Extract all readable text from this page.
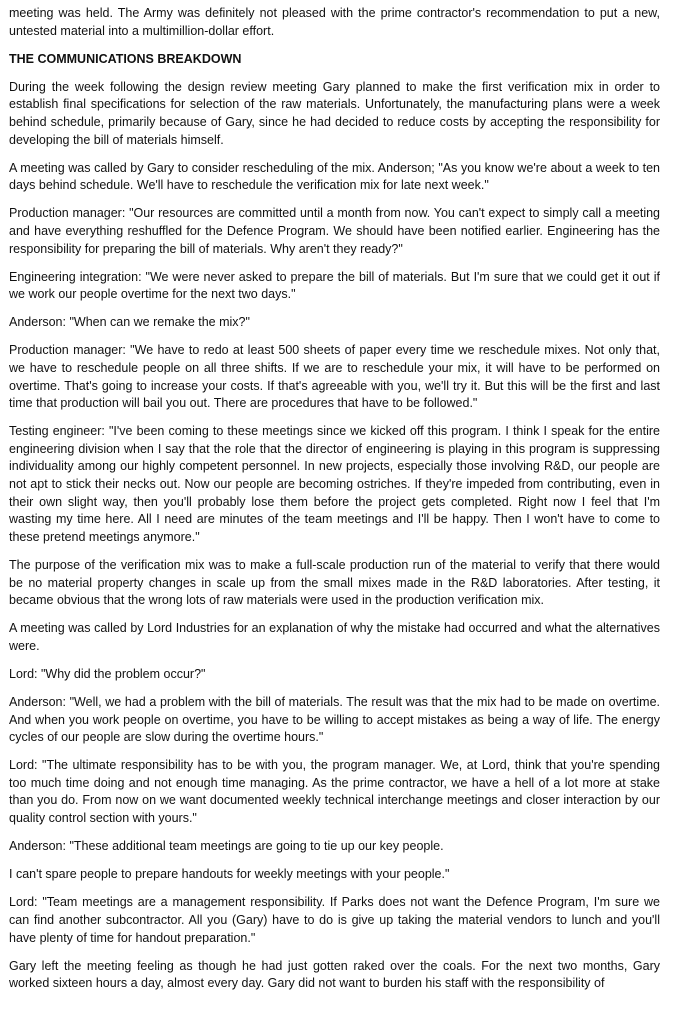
meeting was held. The Army was definitely not pleased with the prime contractor's recommendation to put a new, untested material into a multimillion-dollar effort.

THE COMMUNICATIONS BREAKDOWN

During the week following the design review meeting Gary planned to make the first verification mix in order to establish final specifications for selection of the raw materials. Unfortunately, the manufacturing plans were a week behind schedule, primarily because of Gary, since he had decided to reduce costs by accepting the responsibility for developing the bill of materials himself.

A meeting was called by Gary to consider rescheduling of the mix. Anderson; "As you know we're about a week to ten days behind schedule. We'll have to reschedule the verification mix for late next week."

Production manager: "Our resources are committed until a month from now. You can't expect to simply call a meeting and have everything reshuffled for the Defence Program. We should have been notified earlier. Engineering has the responsibility for preparing the bill of materials. Why aren't they ready?"

Engineering integration: "We were never asked to prepare the bill of materials. But I'm sure that we could get it out if we work our people overtime for the next two days."

Anderson: "When can we remake the mix?"

Production manager: "We have to redo at least 500 sheets of paper every time we reschedule mixes. Not only that, we have to reschedule people on all three shifts. If we are to reschedule your mix, it will have to be performed on overtime. That's going to increase your costs. If that's agreeable with you, we'll try it. But this will be the first and last time that production will bail you out. There are procedures that have to be followed."

Testing engineer: "I've been coming to these meetings since we kicked off this program. I think I speak for the entire engineering division when I say that the role that the director of engineering is playing in this program is suppressing individuality among our highly competent personnel. In new projects, especially those involving R&D, our people are not apt to stick their necks out. Now our people are becoming ostriches. If they're impeded from contributing, even in their own slight way, then you'll probably lose them before the project gets completed. Right now I feel that I'm wasting my time here. All I need are minutes of the team meetings and I'll be happy. Then I won't have to come to these pretend meetings anymore."

The purpose of the verification mix was to make a full-scale production run of the material to verify that there would be no material property changes in scale up from the small mixes made in the R&D laboratories. After testing, it became obvious that the wrong lots of raw materials were used in the production verification mix.

A meeting was called by Lord Industries for an explanation of why the mistake had occurred and what the alternatives were.

Lord: "Why did the problem occur?"

Anderson: "Well, we had a problem with the bill of materials. The result was that the mix had to be made on overtime. And when you work people on overtime, you have to be willing to accept mistakes as being a way of life. The energy cycles of our people are slow during the overtime hours."

Lord: "The ultimate responsibility has to be with you, the program manager. We, at Lord, think that you're spending too much time doing and not enough time managing. As the prime contractor, we have a hell of a lot more at stake than you do. From now on we want documented weekly technical interchange meetings and closer interaction by our quality control section with yours."

Anderson: "These additional team meetings are going to tie up our key people.

I can't spare people to prepare handouts for weekly meetings with your people."

Lord: "Team meetings are a management responsibility. If Parks does not want the Defence Program, I'm sure we can find another subcontractor. All you (Gary) have to do is give up taking the material vendors to lunch and you'll have plenty of time for handout preparation."

Gary left the meeting feeling as though he had just gotten raked over the coals. For the next two months, Gary worked sixteen hours a day, almost every day. Gary did not want to burden his staff with the responsibility of
